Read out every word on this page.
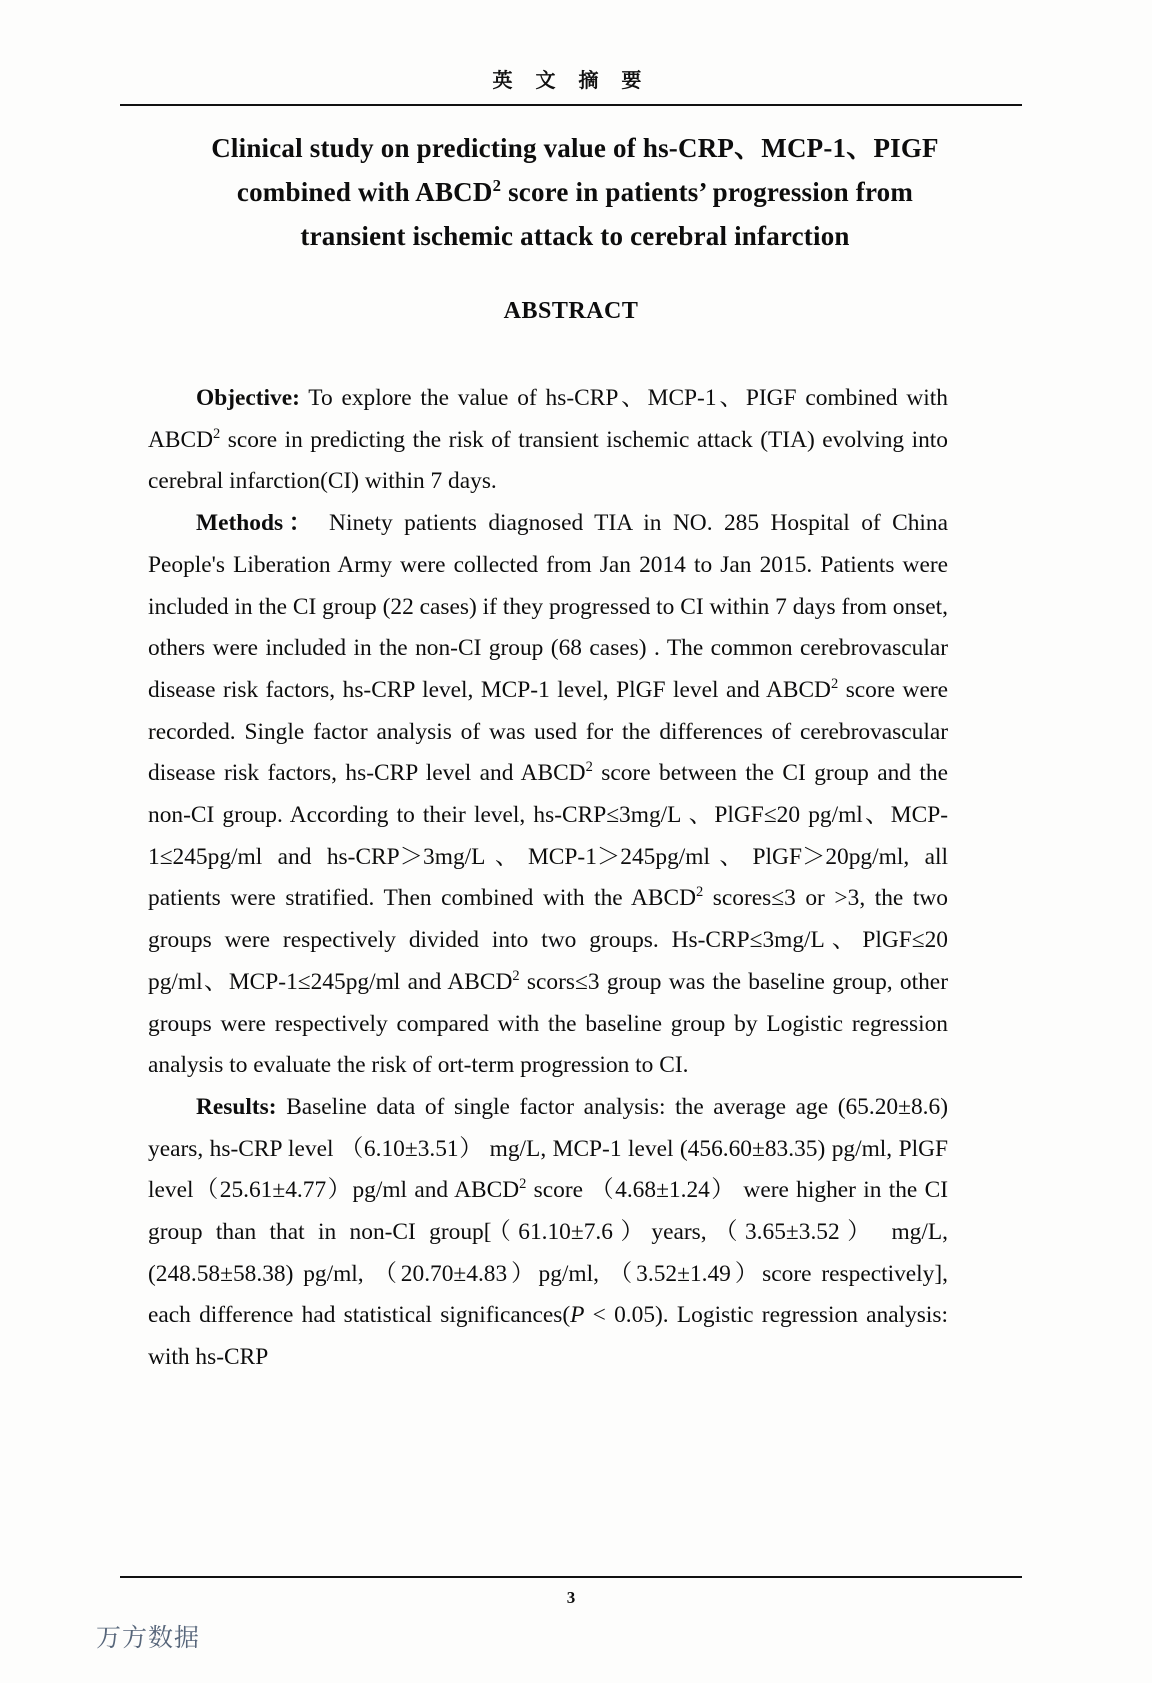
英 文 摘 要
Clinical study on predicting value of hs-CRP、MCP-1、PIGF
combined with ABCD$^2$ score in patients’ progression from
transient ischemic attack to cerebral infarction
ABSTRACT

Objective: To explore the value of hs-CRP、MCP-1、PIGF combined with ABCD$^2$ score in predicting the risk of transient ischemic attack (TIA) evolving into cerebral infarction(CI) within 7 days.

Methods： Ninety patients diagnosed TIA in NO. 285 Hospital of China People's Liberation Army were collected from Jan 2014 to Jan 2015. Patients were included in the CI group (22 cases) if they progressed to CI within 7 days from onset, others were included in the non-CI group (68 cases) . The common cerebrovascular disease risk factors, hs-CRP level, MCP-1 level, PlGF level and ABCD$^2$ score were recorded. Single factor analysis of was used for the differences of cerebrovascular disease risk factors, hs-CRP level and ABCD$^2$ score between the CI group and the non-CI group. According to their level, hs-CRP≤3mg/L 、PlGF≤20 pg/ml、MCP-1≤245pg/ml and hs-CRP＞3mg/L、MCP-1＞245pg/ml、PlGF＞20pg/ml, all patients were stratified. Then combined with the ABCD$^2$ scores≤3 or >3, the two groups were respectively divided into two groups. Hs-CRP≤3mg/L、PlGF≤20 pg/ml、MCP-1≤245pg/ml and ABCD$^2$ scors≤3 group was the baseline group, other groups were respectively compared with the baseline group by Logistic regression analysis to evaluate the risk of ort-term progression to CI.

Results: Baseline data of single factor analysis: the average age (65.20±8.6) years, hs-CRP level （6.10±3.51） mg/L, MCP-1 level (456.60±83.35) pg/ml, PlGF level（25.61±4.77）pg/ml and ABCD$^2$ score （4.68±1.24） were higher in the CI group than that in non-CI group[（61.10±7.6）years,（3.65±3.52） mg/L, (248.58±58.38) pg/ml, （20.70±4.83）pg/ml, （3.52±1.49）score respectively], each difference had statistical significances(P < 0.05). Logistic regression analysis: with hs-CRP

3
万方数据
